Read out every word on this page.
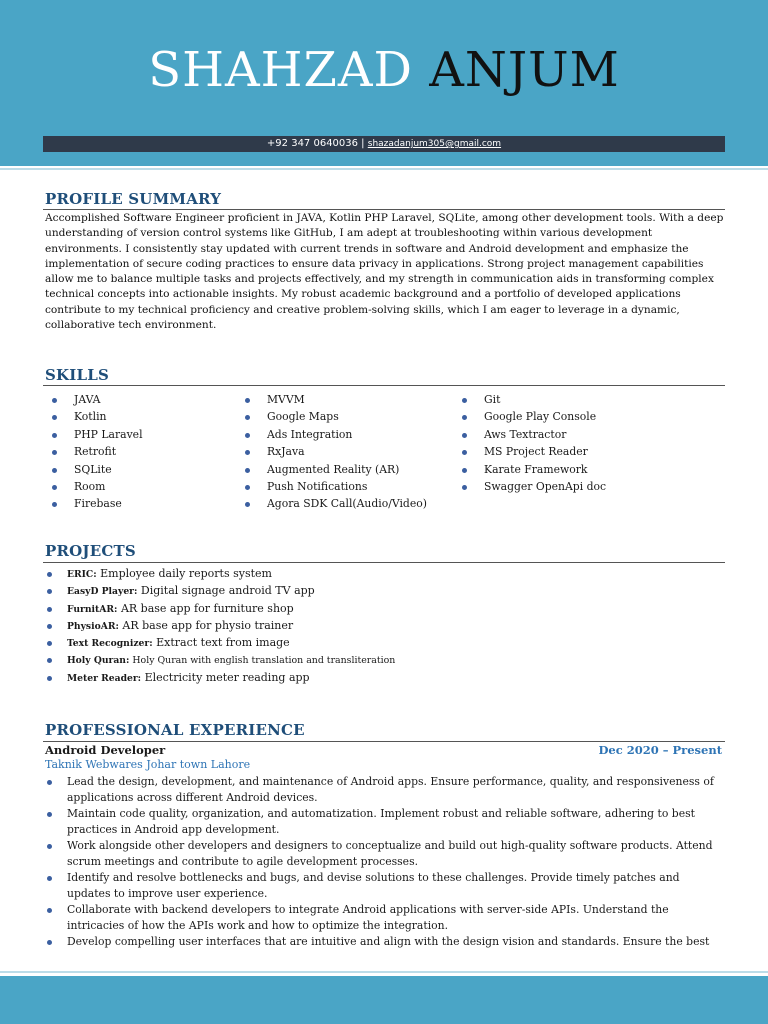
SHAHZAD ANJUM
+92 347 0640036 | shazadanjum305@gmail.com
PROFILE SUMMARY
Accomplished Software Engineer proficient in JAVA, Kotlin PHP Laravel, SQLite, among other development tools. With a deep understanding of version control systems like GitHub, I am adept at troubleshooting within various development environments. I consistently stay updated with current trends in software and Android development and emphasize the implementation of secure coding practices to ensure data privacy in applications. Strong project management capabilities allow me to balance multiple tasks and projects effectively, and my strength in communication aids in transforming complex technical concepts into actionable insights. My robust academic background and a portfolio of developed applications contribute to my technical proficiency and creative problem-solving skills, which I am eager to leverage in a dynamic, collaborative tech environment.
SKILLS
JAVA
Kotlin
PHP Laravel
Retrofit
SQLite
Room
Firebase
MVVM
Google Maps
Ads Integration
RxJava
Augmented Reality (AR)
Push Notifications
Agora SDK Call(Audio/Video)
Git
Google Play Console
Aws Textractor
MS Project Reader
Karate Framework
Swagger OpenApi doc
PROJECTS
ERIC: Employee daily reports system
EasyD Player: Digital signage android TV app
FurnitAR: AR base app for furniture shop
PhysioAR: AR base app for physio trainer
Text Recognizer: Extract text from image
Holy Quran: Holy Quran with english translation and transliteration
Meter Reader: Electricity meter reading app
PROFESSIONAL EXPERIENCE
Android Developer	Dec 2020 – Present
Taknik Webwares Johar town Lahore
Lead the design, development, and maintenance of Android apps. Ensure performance, quality, and responsiveness of applications across different Android devices.
Maintain code quality, organization, and automatization. Implement robust and reliable software, adhering to best practices in Android app development.
Work alongside other developers and designers to conceptualize and build out high-quality software products. Attend scrum meetings and contribute to agile development processes.
Identify and resolve bottlenecks and bugs, and devise solutions to these challenges. Provide timely patches and updates to improve user experience.
Collaborate with backend developers to integrate Android applications with server-side APIs. Understand the intricacies of how the APIs work and how to optimize the integration.
Develop compelling user interfaces that are intuitive and align with the design vision and standards. Ensure the best
